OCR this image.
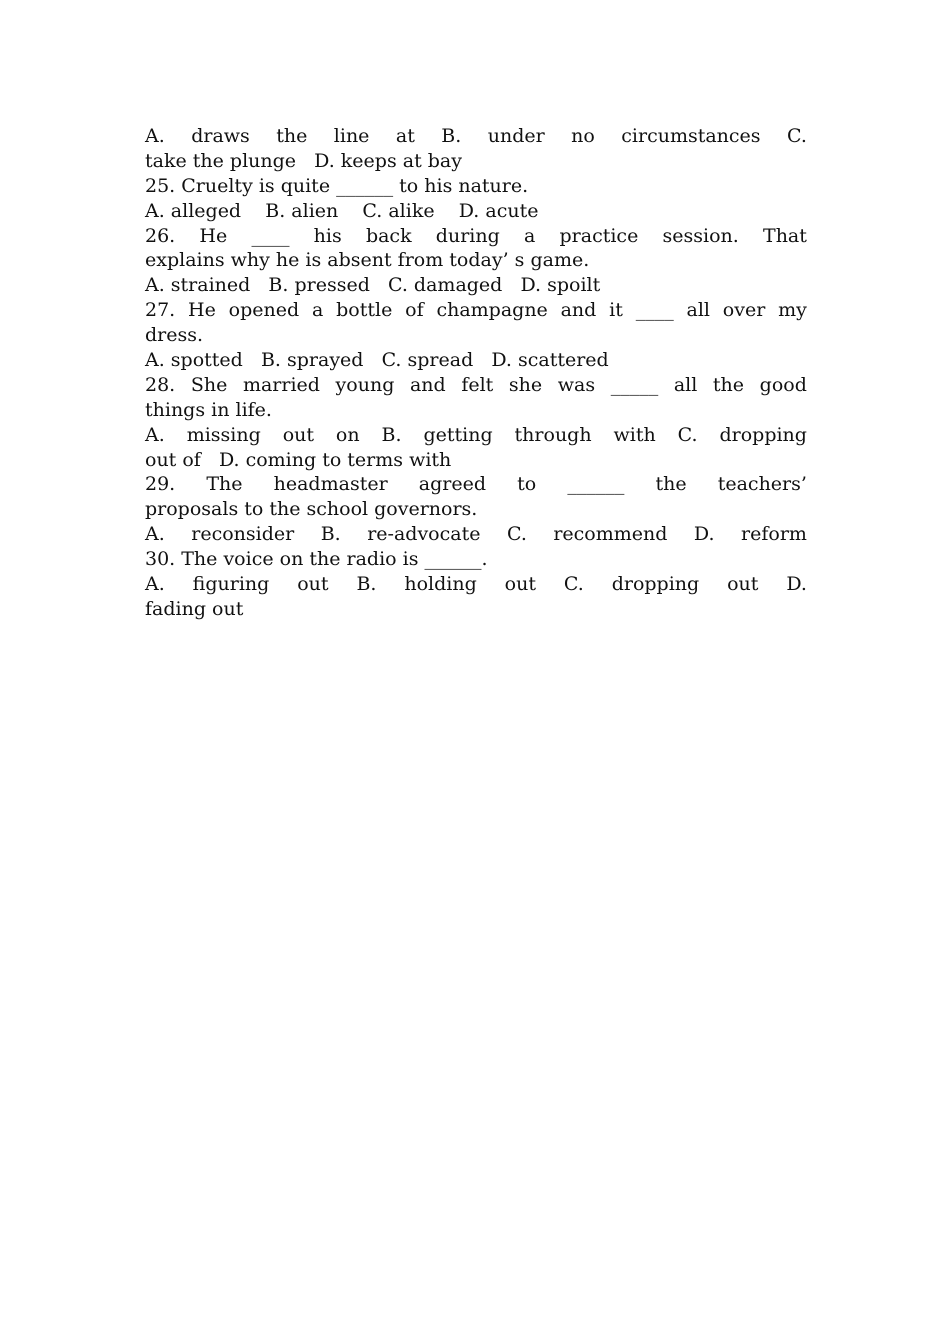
A. draws the line at B. under no circumstances C.
take the plunge   D. keeps at bay
25. Cruelty is quite ______ to his nature.
A. alleged    B. alien    C. alike    D. acute
26. He ____ his back during a practice session. That
explains why he is absent from today’ s game.
A. strained   B. pressed   C. damaged   D. spoilt
27. He opened a bottle of champagne and it ____ all over my
dress.
A. spotted   B. sprayed   C. spread   D. scattered
28. She married young and felt she was _____ all the good
things in life.
A. missing out on B. getting through with C. dropping
out of   D. coming to terms with
29. The headmaster agreed to ______ the teachers’
proposals to the school governors.
A. reconsider B. re-advocate C. recommend D. reform
30. The voice on the radio is ______.
A. figuring out B. holding out C. dropping out D.
fading out
